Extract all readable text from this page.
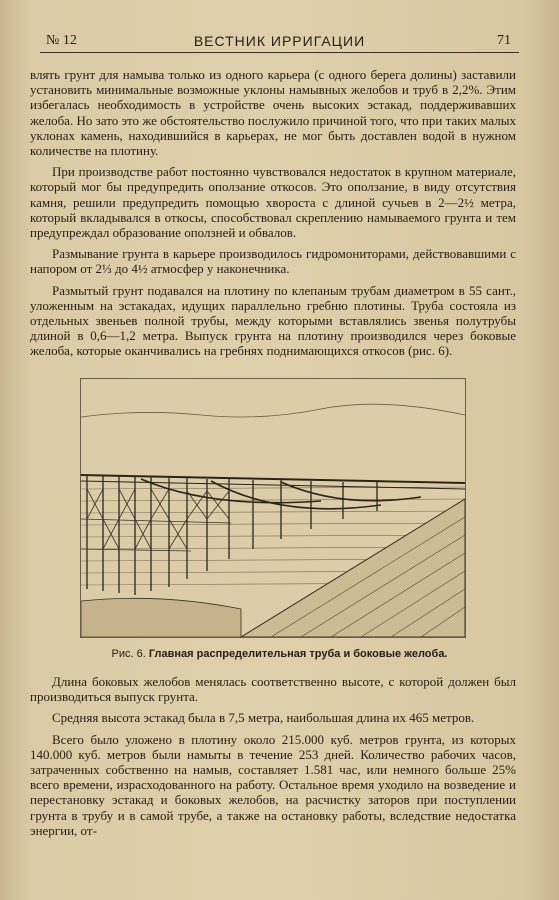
№ 12	ВЕСТНИК ИРРИГАЦИИ	71

влять грунт для намыва только из одного карьера (с одного берега долины) заставили установить минимальные возможные уклоны намывных желобов и труб в 2,2%. Этим избегалась необходимость в устройстве очень высоких эстакад, поддерживавших желоба. Но зато это же обстоятельство послужило причиной того, что при таких малых уклонах камень, находившийся в карьерах, не мог быть доставлен водой в нужном количестве на плотину.

При производстве работ постоянно чувствовался недостаток в крупном материале, который мог бы предупредить оползание откосов. Это оползание, в виду отсутствия камня, решили предупредить помощью хвороста с длиной сучьев в 2—2½ метра, который вкладывался в откосы, способствовал скреплению намываемого грунта и тем предупреждал образование оползней и обвалов.

Размывание грунта в карьере производилось гидромониторами, действовавшими с напором от 2⅓ до 4½ атмосфер у наконечника.

Размытый грунт подавался на плотину по клепаным трубам диаметром в 55 сант., уложенным на эстакадах, идущих параллельно гребню плотины. Труба состояла из отдельных звеньев полной трубы, между которыми вставлялись звенья полутрубы длиной в 0,6—1,2 метра. Выпуск грунта на плотину производился через боковые желоба, которые оканчивались на гребнях поднимающихся откосов (рис. 6).

Рис. 6. Главная распределительная труба и боковые желоба.

Длина боковых желобов менялась соответственно высоте, с которой должен был производиться выпуск грунта.

Средняя высота эстакад была в 7,5 метра, наибольшая длина их 465 метров.

Всего было уложено в плотину около 215.000 куб. метров грунта, из которых 140.000 куб. метров были намыты в течение 253 дней. Количество рабочих часов, затраченных собственно на намыв, составляет 1.581 час, или немного больше 25% всего времени, израсходованного на работу. Остальное время уходило на возведение и перестановку эстакад и боковых желобов, на расчистку заторов при поступлении грунта в трубу и в самой трубе, а также на остановку работы, вследствие недостатка энергии, от-
